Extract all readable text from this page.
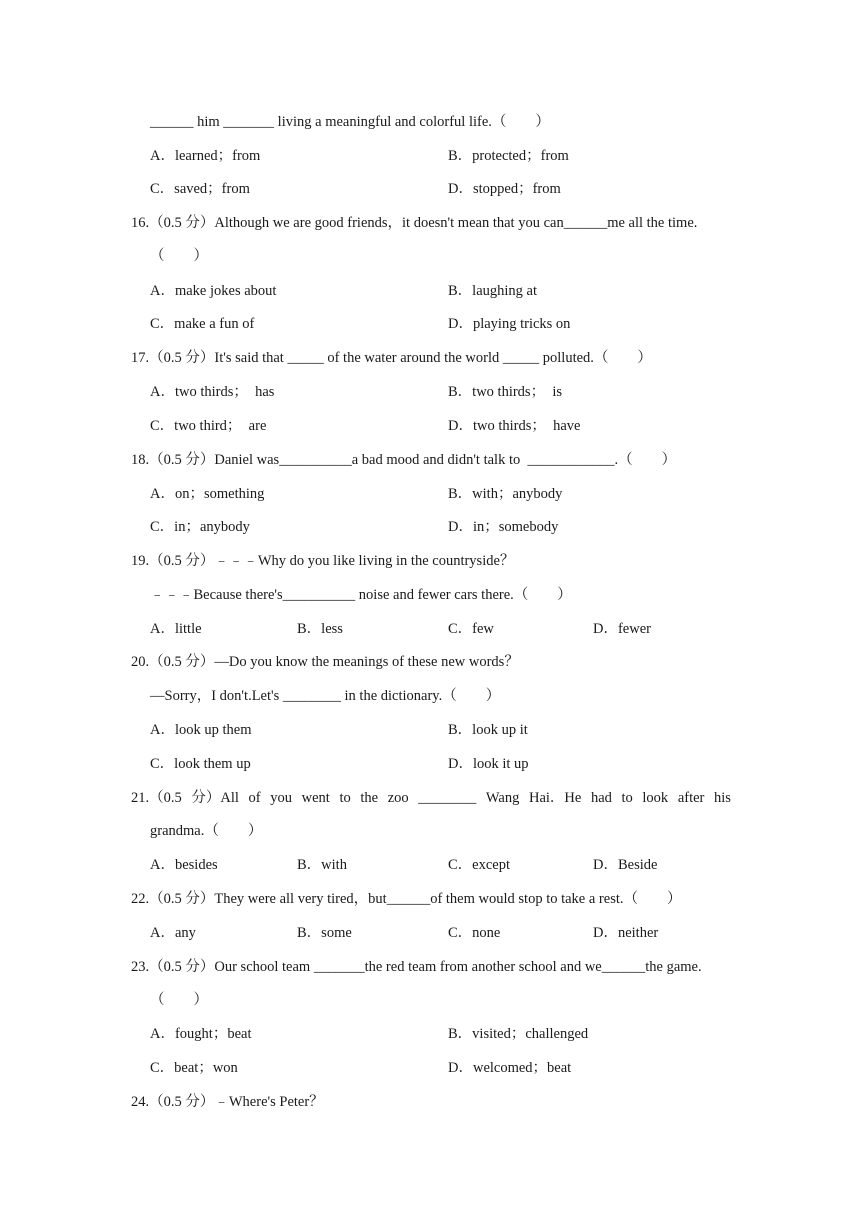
______ him _______ living a meaningful and colorful life.（　　）
16.（0.5 分）Although we are good friends，it doesn't mean that you can______me all the time.
（　　）
17.（0.5 分）It's said that _____ of the water around the world _____ polluted.（　　）
18.（0.5 分）Daniel was__________a bad mood and didn't talk to  ____________.（　　）
19.（0.5 分）﹣﹣﹣Why do you like living in the countryside？
﹣﹣﹣Because there's__________ noise and fewer cars there.（　　）
20.（0.5 分）—Do you know the meanings of these new words？
—Sorry，I don't.Let's ________ in the dictionary.（　　）
grandma.（　　）
22.（0.5 分）They were all very tired，but______of them would stop to take a rest.（　　）
23.（0.5 分）Our school team _______the red team from another school and we______the game.
（　　）
24.（0.5 分）﹣Where's Peter？
21.（0.5 分）All of you went to the zoo ________ Wang Hai．He had to look after his
A．learned；from	B．protected；from
C．saved；from	D．stopped；from
A．make jokes about	B．laughing at
C．make a fun of	D．playing tricks on
A．two thirds；  has	B．two thirds；  is
C．two third；  are	D．two thirds；  have
A．on；something	B．with；anybody
C．in；anybody	D．in；somebody
A．little	B．less	C．few	D．fewer
A．look up them	B．look up it
C．look them up	D．look it up
A．besides	B．with	C．except	D．Beside
A．any	B．some	C．none	D．neither
A．fought；beat	B．visited；challenged
C．beat；won	D．welcomed；beat
